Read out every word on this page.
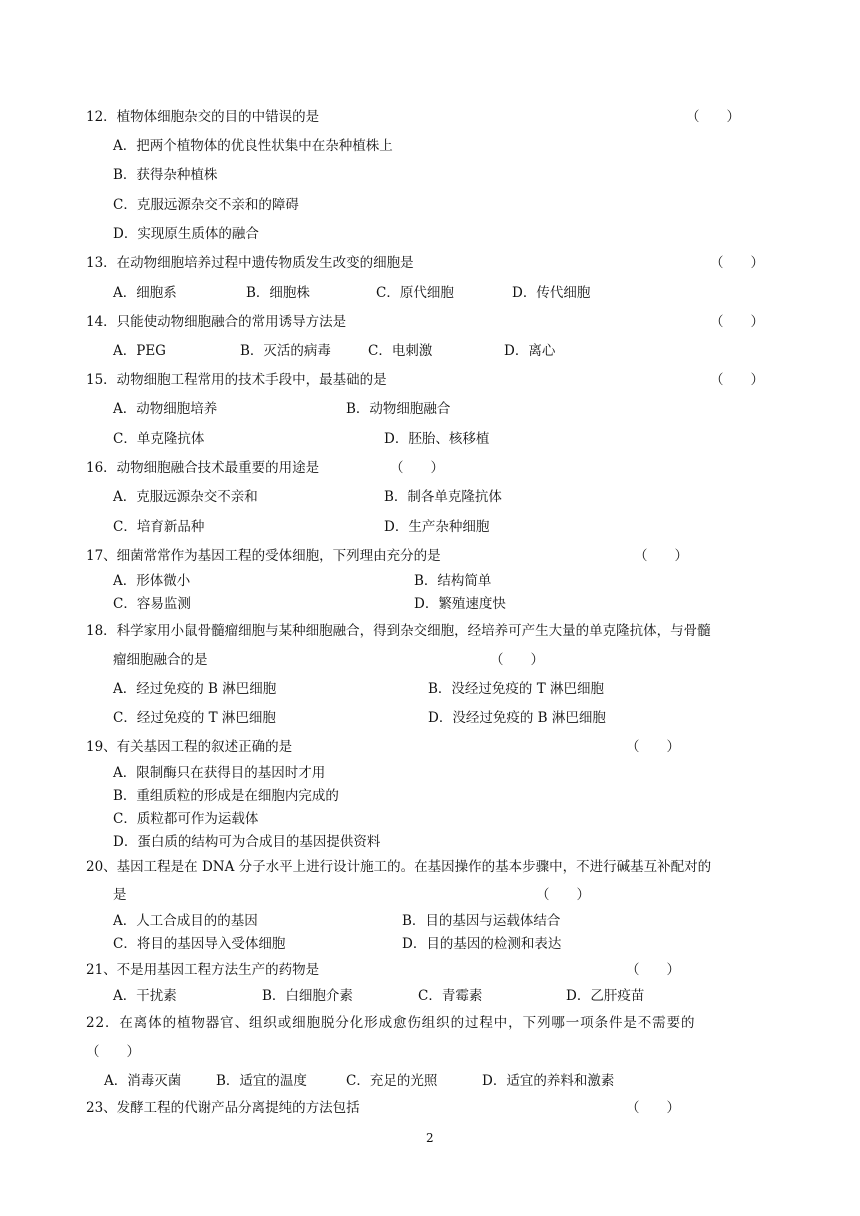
12．植物体细胞杂交的目的中错误的是	（　　）
A．把两个植物体的优良性状集中在杂种植株上
B．获得杂种植株
C．克服远源杂交不亲和的障碍
D．实现原生质体的融合
13．在动物细胞培养过程中遗传物质发生改变的细胞是	（　　）
A．细胞系	B．细胞株	C．原代细胞	D．传代细胞
14．只能使动物细胞融合的常用诱导方法是	（　　）
A．PEG	B．灭活的病毒	C．电刺激	D．离心
15．动物细胞工程常用的技术手段中，最基础的是	（　　）
A．动物细胞培养	B．动物细胞融合
C．单克隆抗体	D．胚胎、核移植
16．动物细胞融合技术最重要的用途是	（　　）
A．克服远源杂交不亲和	B．制各单克隆抗体
C．培育新品种	D．生产杂种细胞
17、细菌常常作为基因工程的受体细胞，下列理由充分的是	（　　）
A．形体微小	B．结构简单
C．容易监测	D．繁殖速度快
18．科学家用小鼠骨髓瘤细胞与某种细胞融合，得到杂交细胞，经培养可产生大量的单克隆抗体，与骨髓
瘤细胞融合的是	（　　）
A．经过免疫的 B 淋巴细胞	B．没经过免疫的 T 淋巴细胞
C．经过免疫的 T 淋巴细胞	D．没经过免疫的 B 淋巴细胞
19、有关基因工程的叙述正确的是	（　　）
A．限制酶只在获得目的基因时才用
B．重组质粒的形成是在细胞内完成的
C．质粒都可作为运载体
D．蛋白质的结构可为合成目的基因提供资料
20、基因工程是在 DNA 分子水平上进行设计施工的。在基因操作的基本步骤中，不进行碱基互补配对的
是	（　　）
A．人工合成目的的基因	B．目的基因与运载体结合
C．将目的基因导入受体细胞	D．目的基因的检测和表达
21、不是用基因工程方法生产的药物是	（　　）
A．干扰素	B．白细胞介素	C．青霉素	D．乙肝疫苗
22．在离体的植物器官、组织或细胞脱分化形成愈伤组织的过程中，下列哪一项条件是不需要的
（　　）
A．消毒灭菌	B．适宜的温度	C．充足的光照	D．适宜的养料和激素
23、发酵工程的代谢产品分离提纯的方法包括	（　　）
2
